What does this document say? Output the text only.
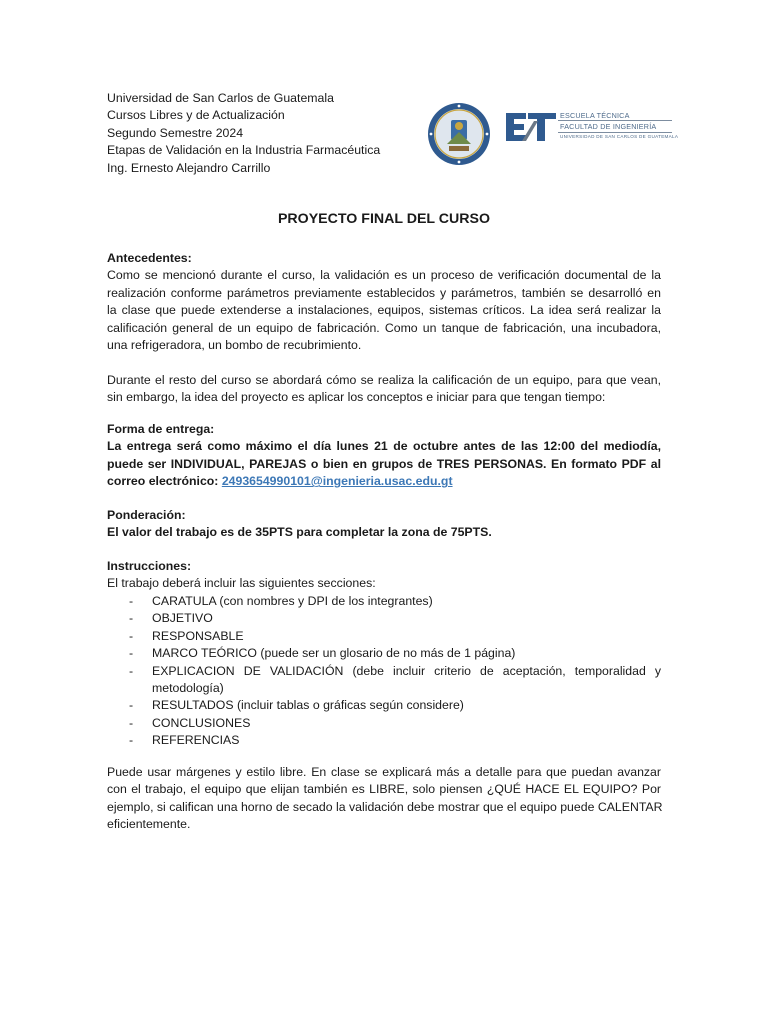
Universidad de San Carlos de Guatemala
Cursos Libres y de Actualización
Segundo Semestre 2024
Etapas de Validación en la Industria Farmacéutica
Ing. Ernesto Alejandro Carrillo
ESCUELA TÉCNICA
FACULTAD DE INGENIERÍA
UNIVERSIDAD DE SAN CARLOS DE GUATEMALA
PROYECTO FINAL DEL CURSO
Antecedentes:
Como se mencionó durante el curso, la validación es un proceso de verificación documental de la
realización conforme parámetros previamente establecidos y parámetros, también se desarrolló en
la clase que puede extenderse a instalaciones, equipos, sistemas críticos. La idea será realizar la
calificación general de un equipo de fabricación. Como un tanque de fabricación, una incubadora,
una refrigeradora, un bombo de recubrimiento.
Durante el resto del curso se abordará cómo se realiza la calificación de un equipo, para que vean,
sin embargo, la idea del proyecto es aplicar los conceptos e iniciar para que tengan tiempo:
Forma de entrega:
La entrega será como máximo el día lunes 21 de octubre antes de las 12:00 del mediodía,
puede ser INDIVIDUAL, PAREJAS o bien en grupos de TRES PERSONAS. En formato PDF al
correo electrónico: 2493654990101@ingenieria.usac.edu.gt
Ponderación:
El valor del trabajo es de 35PTS para completar la zona de 75PTS.
Instrucciones:
El trabajo deberá incluir las siguientes secciones:
- CARATULA (con nombres y DPI de los integrantes)
- OBJETIVO
- RESPONSABLE
- MARCO TEÓRICO (puede ser un glosario de no más de 1 página)
- EXPLICACION DE VALIDACIÓN (debe incluir criterio de aceptación, temporalidad y metodología)
- RESULTADOS (incluir tablas o gráficas según considere)
- CONCLUSIONES
- REFERENCIAS
Puede usar márgenes y estilo libre. En clase se explicará más a detalle para que puedan avanzar
con el trabajo, el equipo que elijan también es LIBRE, solo piensen ¿QUÉ HACE EL EQUIPO? Por
ejemplo, si califican una horno de secado la validación debe mostrar que el equipo puede CALENTAR
eficientemente.
